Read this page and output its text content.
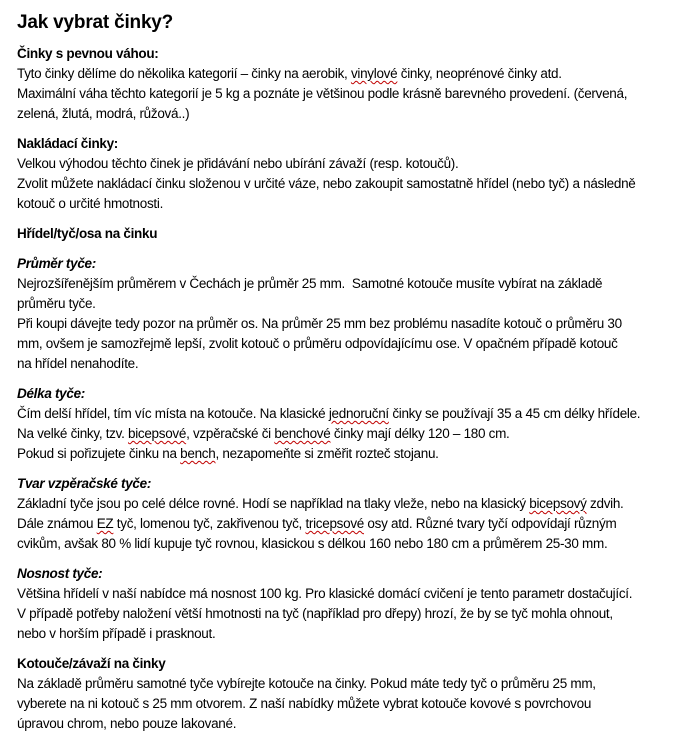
Jak vybrat činky?
Činky s pevnou váhou:
Tyto činky dělíme do několika kategorií – činky na aerobik, vinylové činky, neoprénové činky atd.
Maximální váha těchto kategorií je 5 kg a poznáte je většinou podle krásně barevného provedení. (červená,
zelená, žlutá, modrá, růžová..)
Nakládací činky:
Velkou výhodou těchto činek je přidávání nebo ubírání závaží (resp. kotoučů).
Zvolit můžete nakládací činku složenou v určité váze, nebo zakoupit samostatně hřídel (nebo tyč) a následně
kotouč o určité hmotnosti.
Hřídel/tyč/osa na činku
Průměr tyče:
Nejrozšířenějším průměrem v Čechách je průměr 25 mm.  Samotné kotouče musíte vybírat na základě
průměru tyče.
Při koupi dávejte tedy pozor na průměr os. Na průměr 25 mm bez problému nasadíte kotouč o průměru 30
mm, ovšem je samozřejmě lepší, zvolit kotouč o průměru odpovídajícímu ose. V opačném případě kotouč
na hřídel nenahodíte.
Délka tyče:
Čím delší hřídel, tím víc místa na kotouče. Na klasické jednoruční činky se používají 35 a 45 cm délky hřídele.
Na velké činky, tzv. bicepsové, vzpěračské či benchové činky mají délky 120 – 180 cm.
Pokud si pořizujete činku na bench, nezapomeňte si změřit rozteč stojanu.
Tvar vzpěračské tyče:
Základní tyče jsou po celé délce rovné. Hodí se například na tlaky vleže, nebo na klasický bicepsový zdvih.
Dále známou EZ tyč, lomenou tyč, zakřivenou tyč, tricepsové osy atd. Různé tvary tyčí odpovídají různým
cvikům, avšak 80 % lidí kupuje tyč rovnou, klasickou s délkou 160 nebo 180 cm a průměrem 25-30 mm.
Nosnost tyče:
Většina hřídelí v naší nabídce má nosnost 100 kg. Pro klasické domácí cvičení je tento parametr dostačující.
V případě potřeby naložení větší hmotnosti na tyč (například pro dřepy) hrozí, že by se tyč mohla ohnout,
nebo v horším případě i prasknout.
Kotouče/závaží na činky
Na základě průměru samotné tyče vybírejte kotouče na činky. Pokud máte tedy tyč o průměru 25 mm,
vyberete na ni kotouč s 25 mm otvorem. Z naší nabídky můžete vybrat kotouče kovové s povrchovou
úpravou chrom, nebo pouze lakované.
